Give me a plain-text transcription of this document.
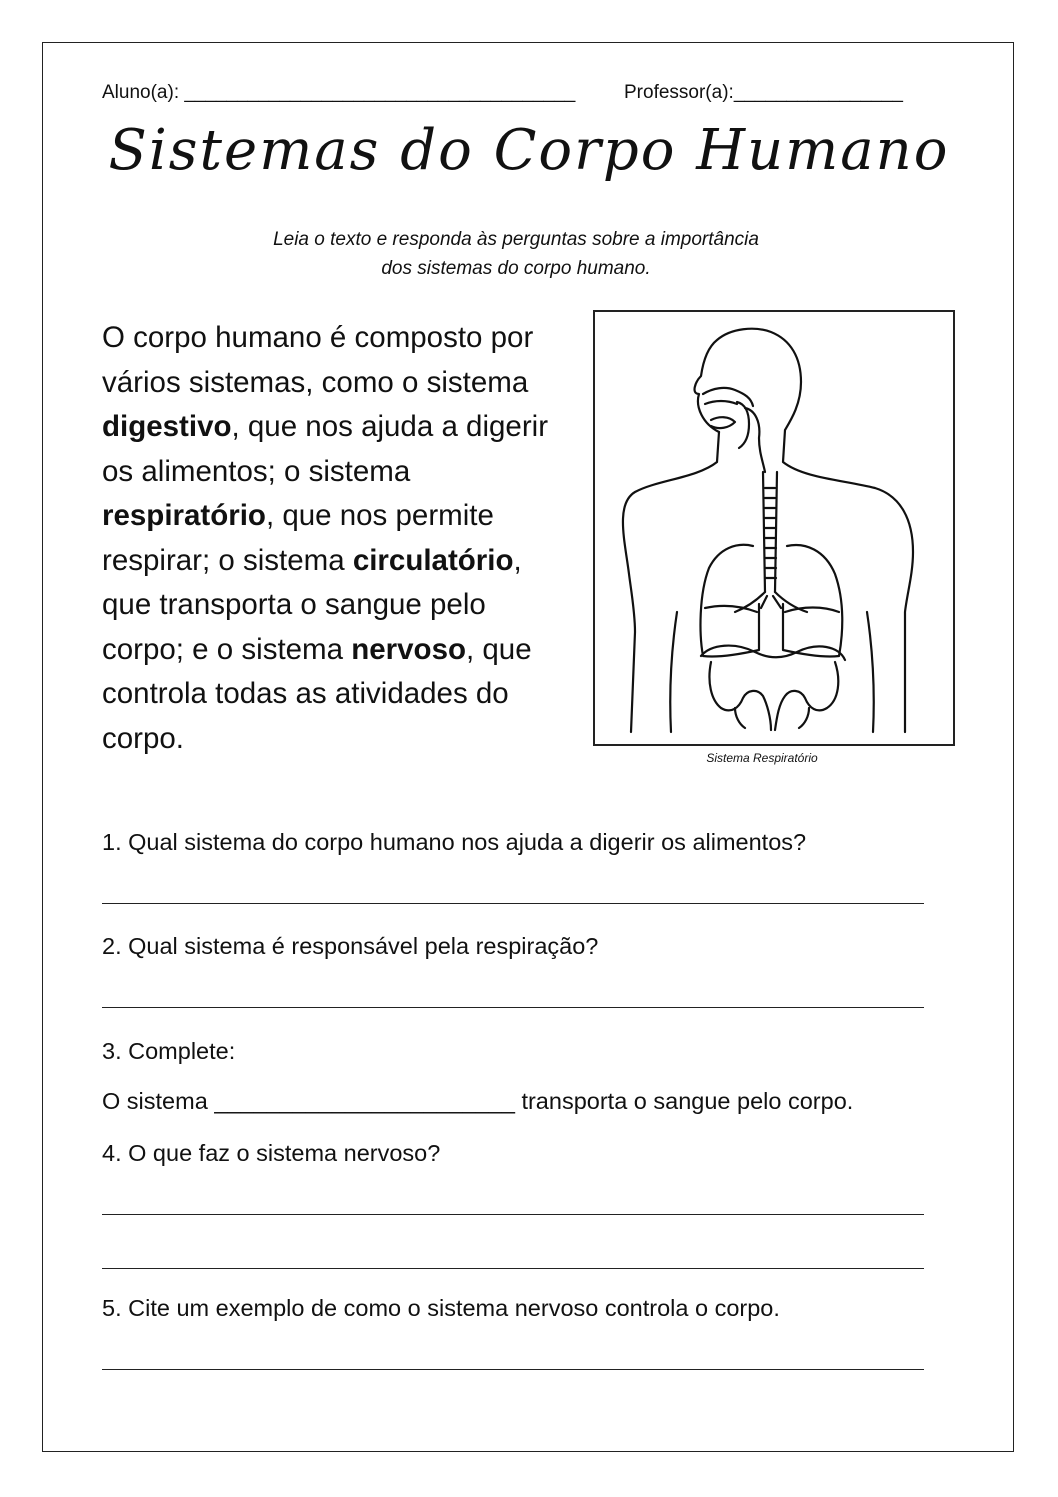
Aluno(a): _____________________________________	Professor(a):________________
Sistemas do Corpo Humano
Leia o texto e responda às perguntas sobre a importância
dos sistemas do corpo humano.
O corpo humano é composto por vários sistemas, como o sistema digestivo, que nos ajuda a digerir os alimentos; o sistema respiratório, que nos permite respirar; o sistema circulatório, que transporta o sangue pelo corpo; e o sistema nervoso, que controla todas as atividades do corpo.
Sistema Respiratório
1. Qual sistema do corpo humano nos ajuda a digerir os alimentos?
2. Qual sistema é responsável pela respiração?
3. Complete:
O sistema _______________________ transporta o sangue pelo corpo.
4. O que faz o sistema nervoso?
5. Cite um exemplo de como o sistema nervoso controla o corpo.
